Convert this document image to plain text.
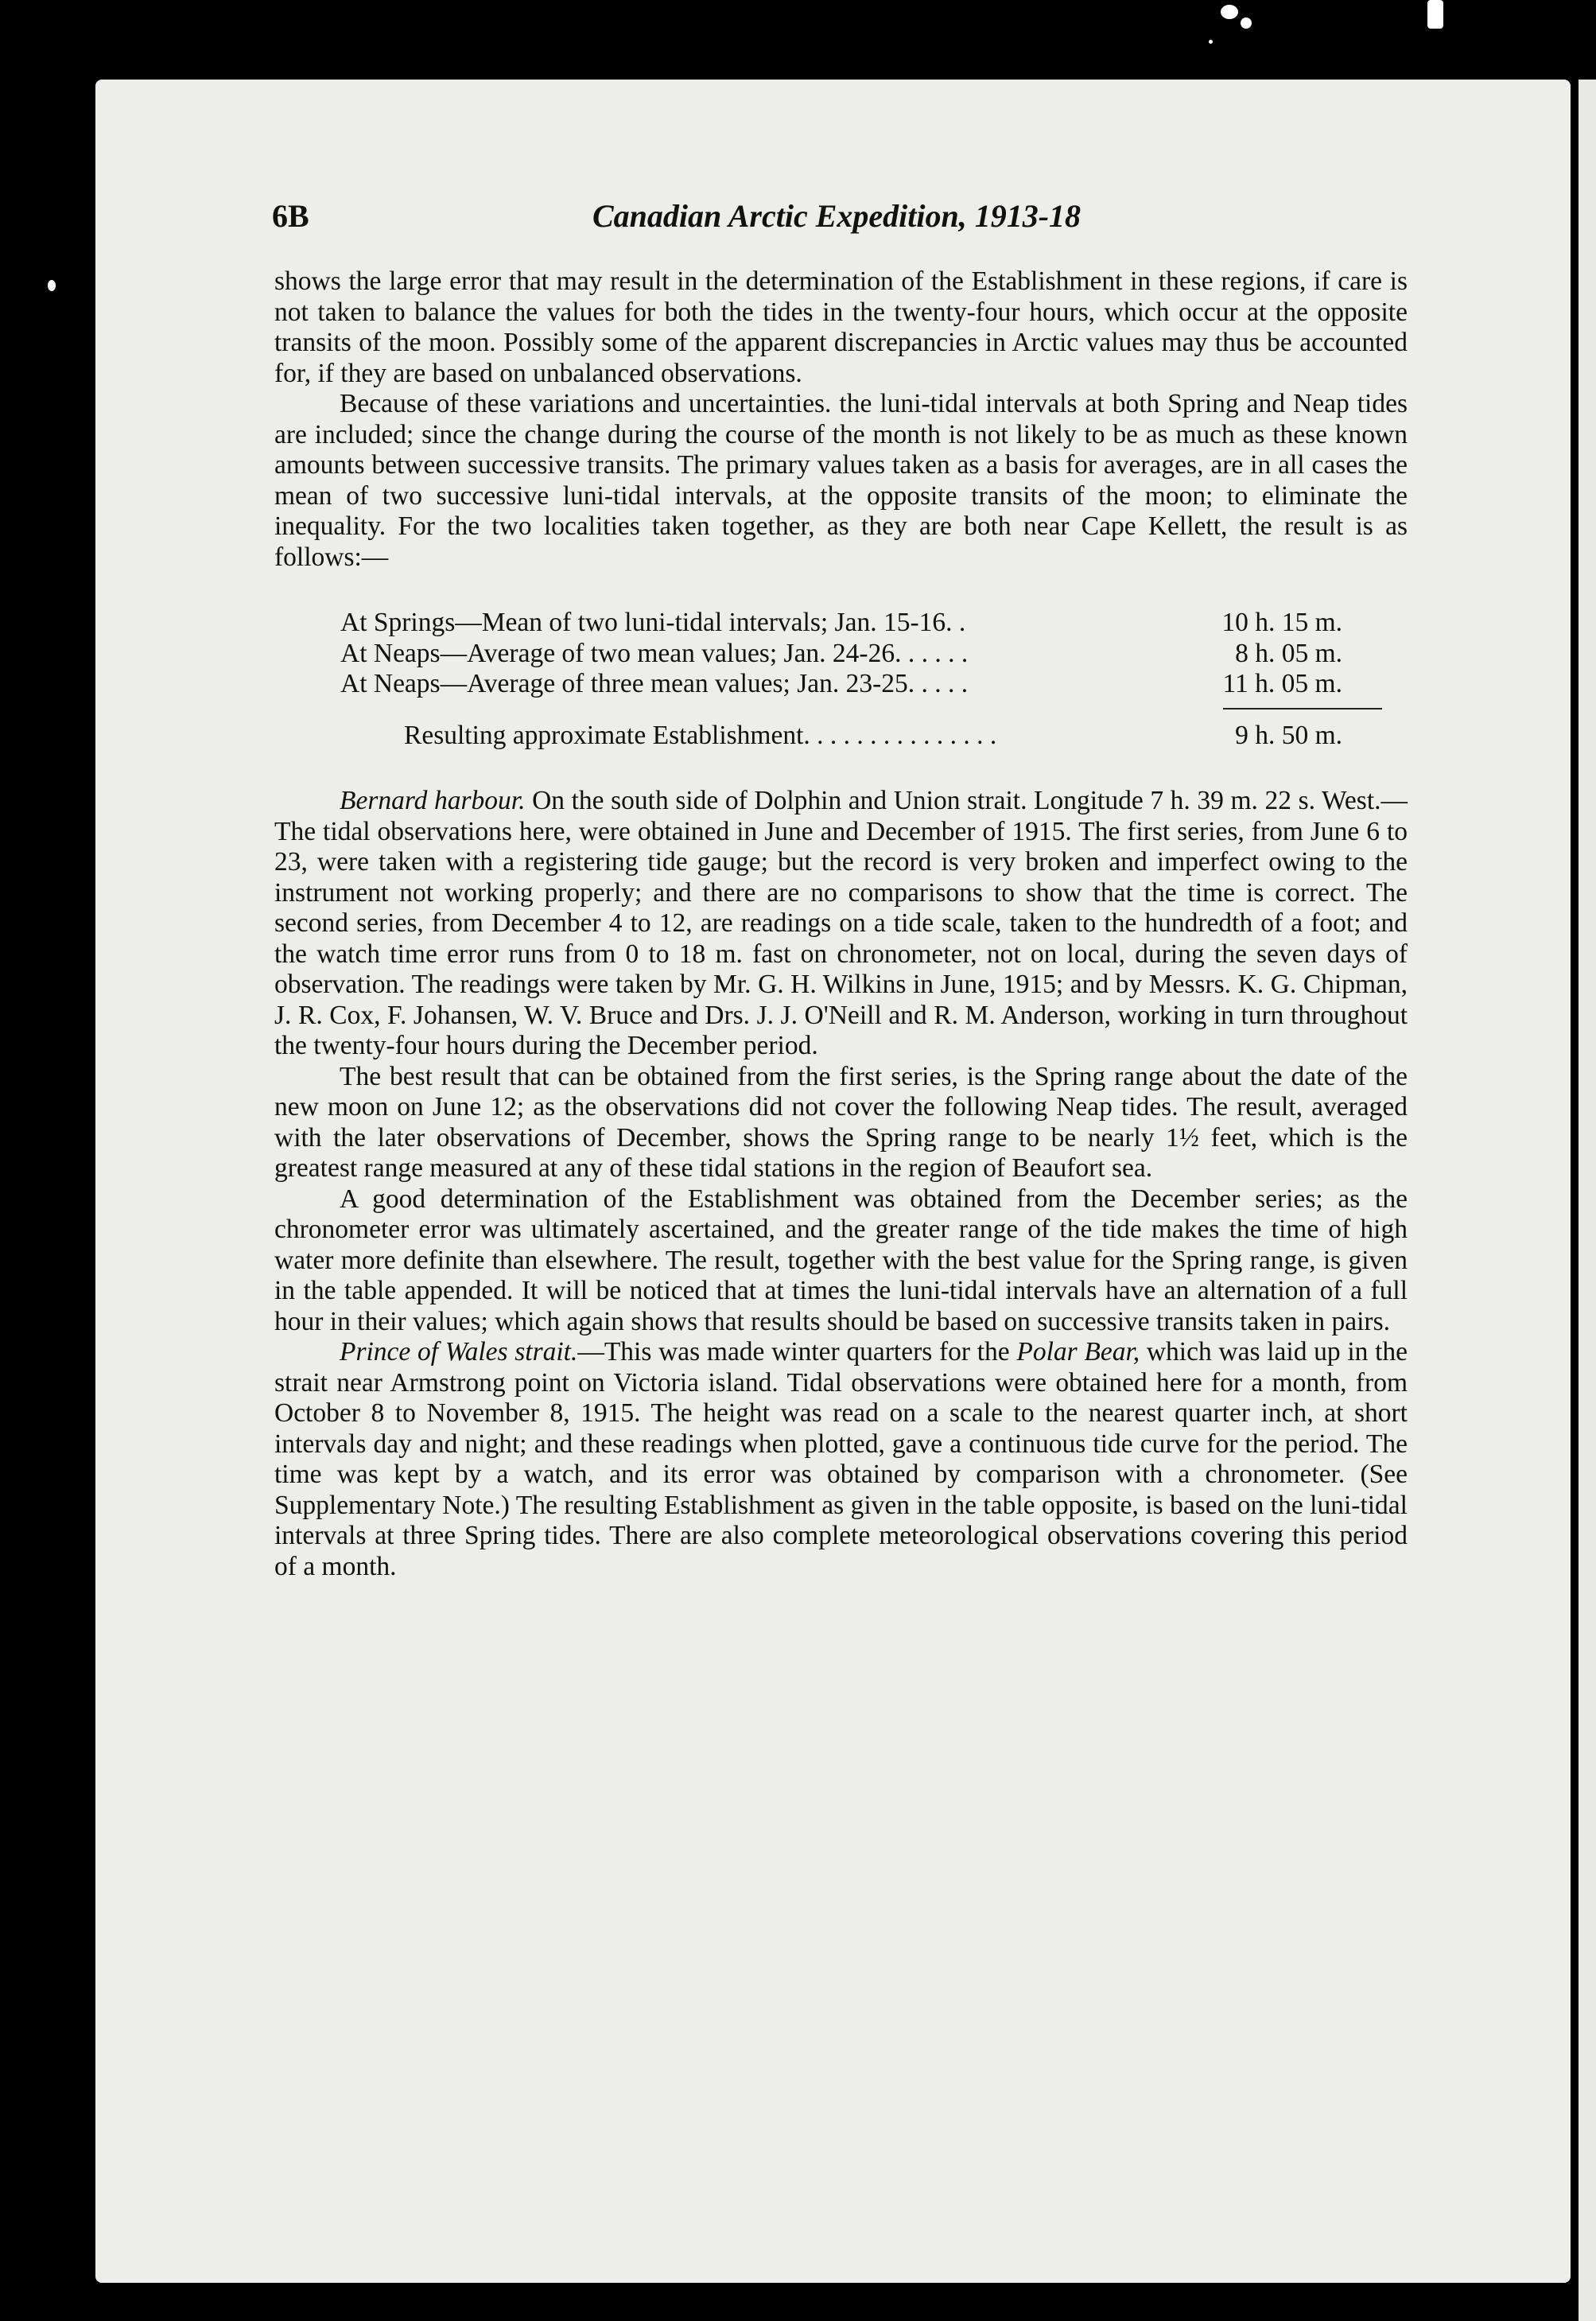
6B	Canadian Arctic Expedition, 1913-18

shows the large error that may result in the determination of the Establishment in these regions, if care is not taken to balance the values for both the tides in the twenty-four hours, which occur at the opposite transits of the moon. Possibly some of the apparent discrepancies in Arctic values may thus be accounted for, if they are based on unbalanced observations.

Because of these variations and uncertainties. the luni-tidal intervals at both Spring and Neap tides are included; since the change during the course of the month is not likely to be as much as these known amounts between successive transits. The primary values taken as a basis for averages, are in all cases the mean of two successive luni-tidal intervals, at the opposite transits of the moon; to eliminate the inequality. For the two localities taken together, as they are both near Cape Kellett, the result is as follows:—

At Springs—Mean of two luni-tidal intervals; Jan. 15-16. .	10 h. 15 m.
At Neaps—Average of two mean values; Jan. 24-26. . . . . .	8 h. 05 m.
At Neaps—Average of three mean values; Jan. 23-25. . . . .	11 h. 05 m.
Resulting approximate Establishment. . . . . . . . . . . . . . .	9 h. 50 m.

Bernard harbour. On the south side of Dolphin and Union strait. Longitude 7 h. 39 m. 22 s. West.—The tidal observations here, were obtained in June and December of 1915. The first series, from June 6 to 23, were taken with a registering tide gauge; but the record is very broken and imperfect owing to the instrument not working properly; and there are no comparisons to show that the time is correct. The second series, from December 4 to 12, are readings on a tide scale, taken to the hundredth of a foot; and the watch time error runs from 0 to 18 m. fast on chronometer, not on local, during the seven days of observation. The readings were taken by Mr. G. H. Wilkins in June, 1915; and by Messrs. K. G. Chipman, J. R. Cox, F. Johansen, W. V. Bruce and Drs. J. J. O'Neill and R. M. Anderson, working in turn throughout the twenty-four hours during the December period.

The best result that can be obtained from the first series, is the Spring range about the date of the new moon on June 12; as the observations did not cover the following Neap tides. The result, averaged with the later observations of December, shows the Spring range to be nearly 1½ feet, which is the greatest range measured at any of these tidal stations in the region of Beaufort sea.

A good determination of the Establishment was obtained from the December series; as the chronometer error was ultimately ascertained, and the greater range of the tide makes the time of high water more definite than elsewhere. The result, together with the best value for the Spring range, is given in the table appended. It will be noticed that at times the luni-tidal intervals have an alternation of a full hour in their values; which again shows that results should be based on successive transits taken in pairs.

Prince of Wales strait.—This was made winter quarters for the Polar Bear, which was laid up in the strait near Armstrong point on Victoria island. Tidal observations were obtained here for a month, from October 8 to November 8, 1915. The height was read on a scale to the nearest quarter inch, at short intervals day and night; and these readings when plotted, gave a continuous tide curve for the period. The time was kept by a watch, and its error was obtained by comparison with a chronometer. (See Supplementary Note.) The resulting Establishment as given in the table opposite, is based on the luni-tidal intervals at three Spring tides. There are also complete meteorological observations covering this period of a month.
